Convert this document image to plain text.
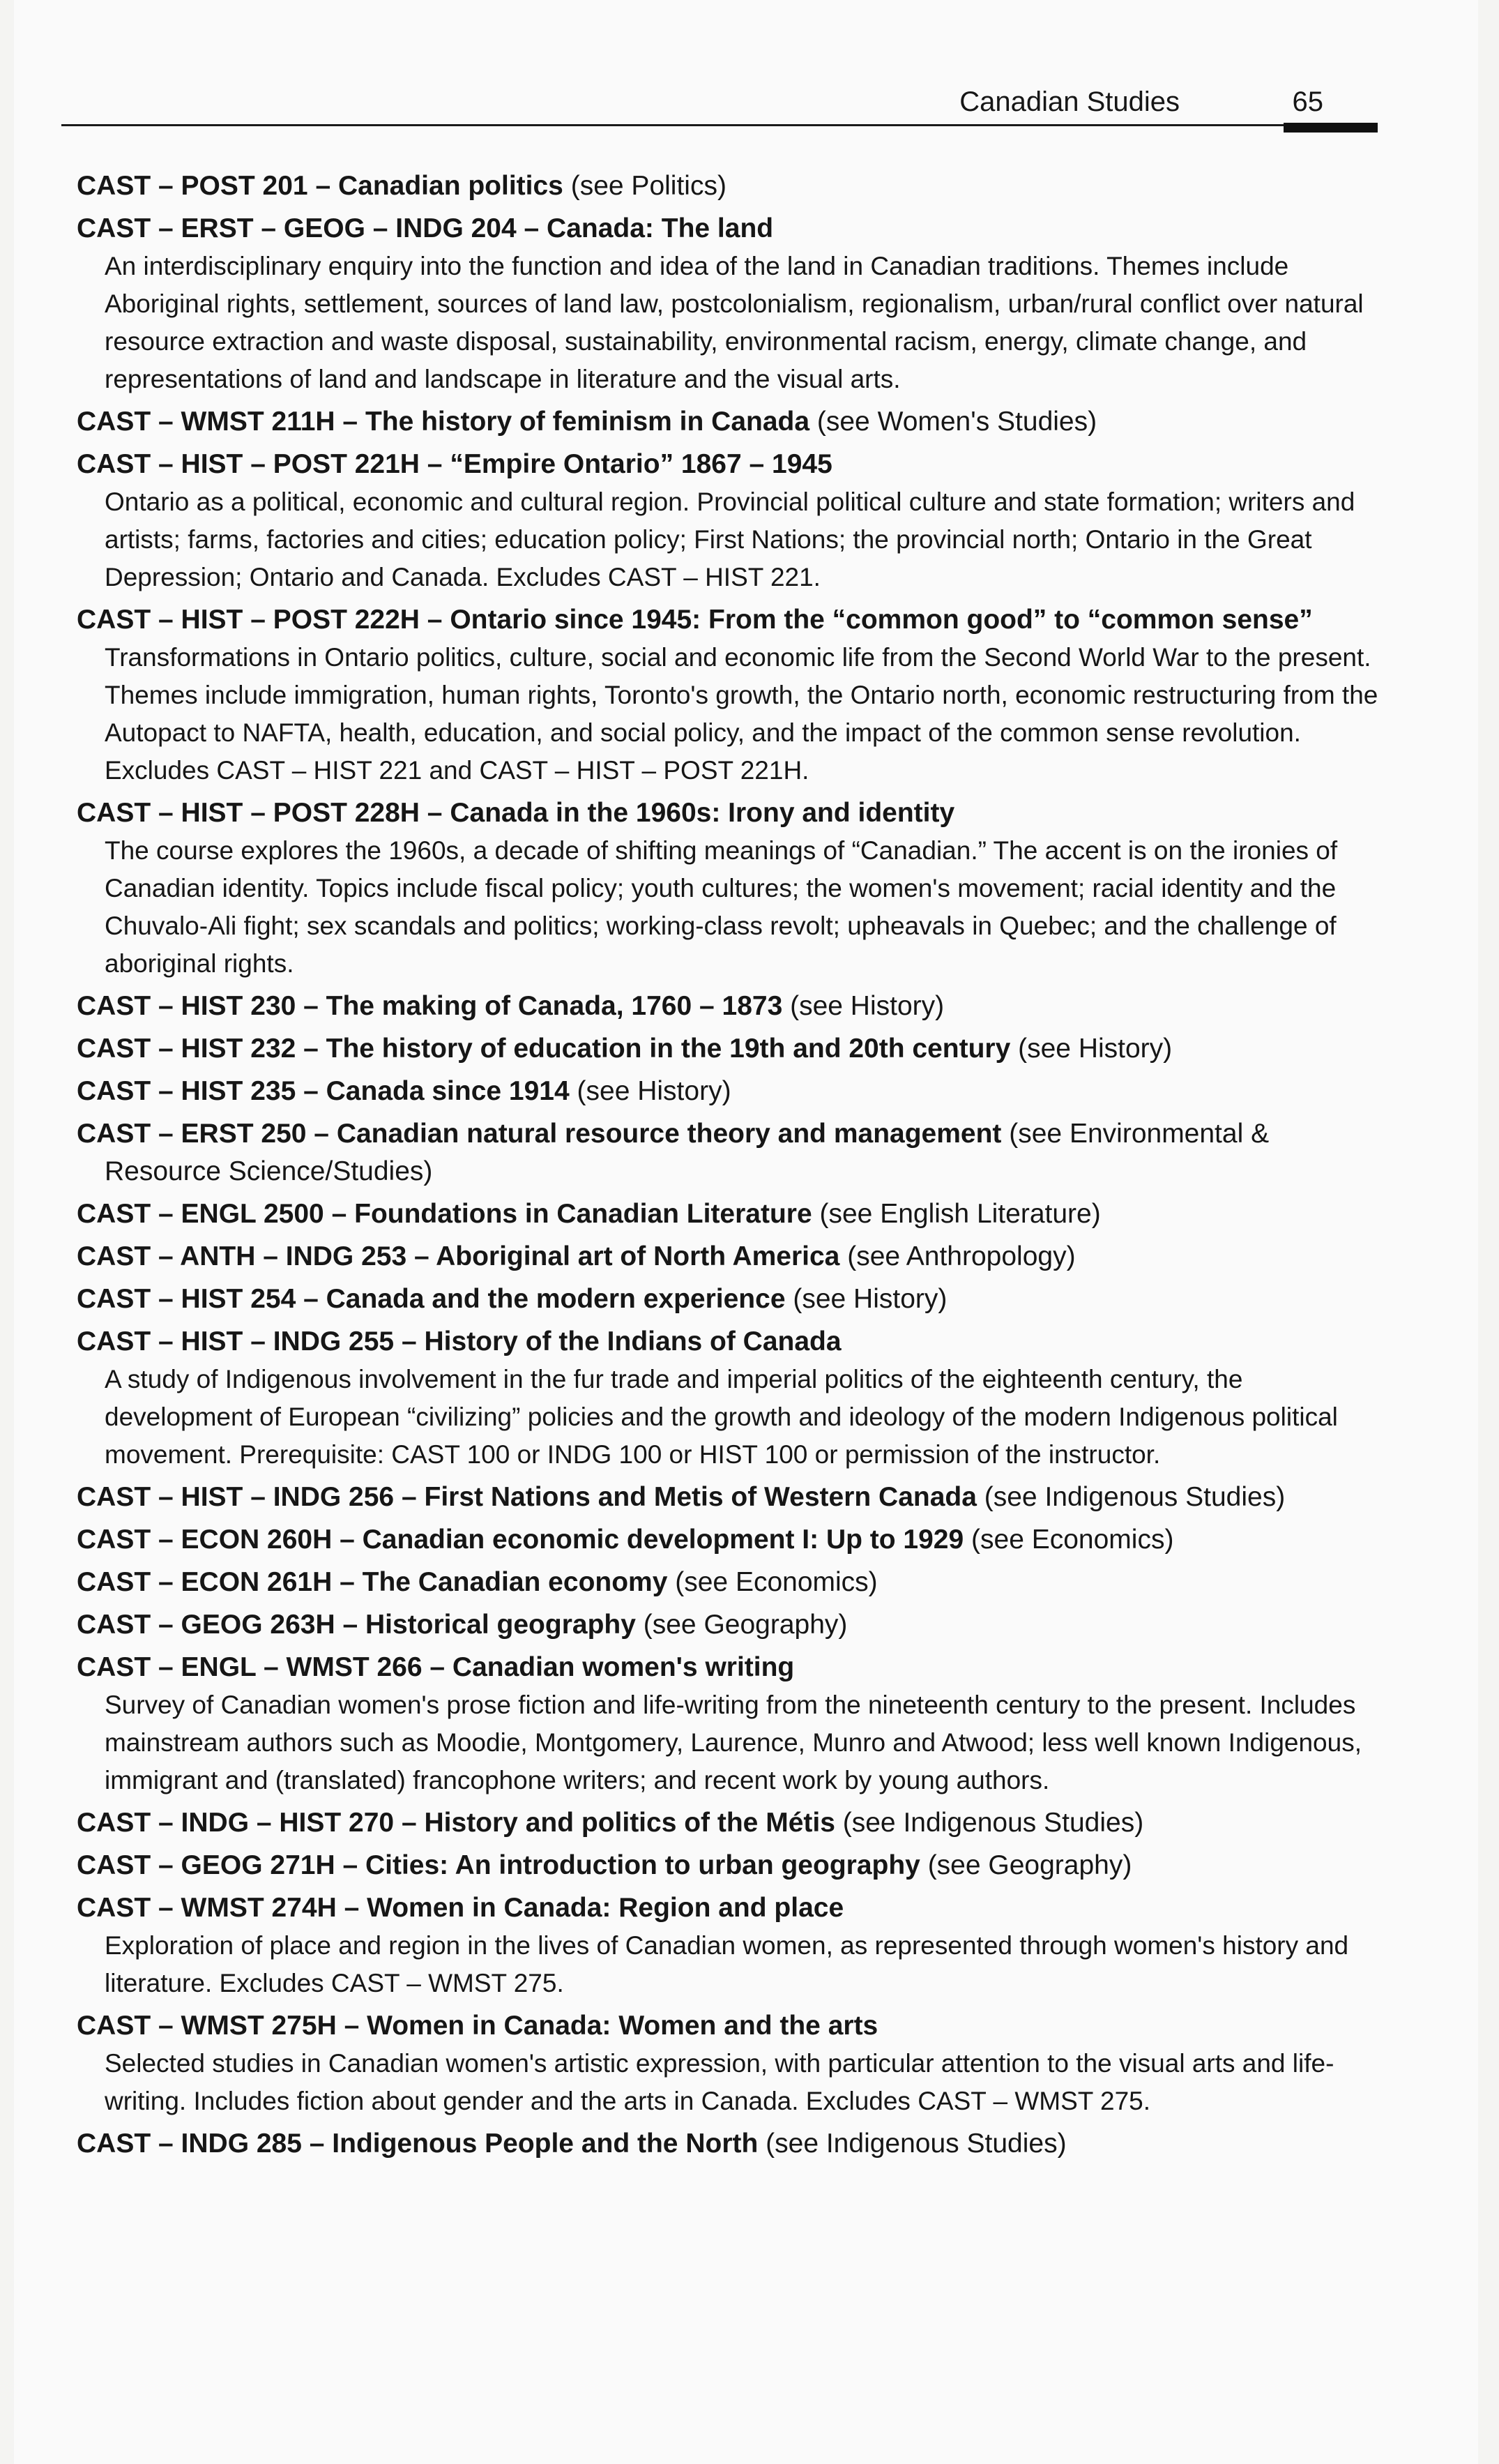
Canadian Studies	65
CAST – POST 201 – Canadian politics (see Politics)
CAST – ERST – GEOG – INDG 204 – Canada: The land
An interdisciplinary enquiry into the function and idea of the land in Canadian traditions. Themes include Aboriginal rights, settlement, sources of land law, postcolonialism, regionalism, urban/rural conflict over natural resource extraction and waste disposal, sustainability, environmental racism, energy, climate change, and representations of land and landscape in literature and the visual arts.
CAST – WMST 211H – The history of feminism in Canada (see Women's Studies)
CAST – HIST – POST 221H – “Empire Ontario” 1867 – 1945
Ontario as a political, economic and cultural region. Provincial political culture and state formation; writers and artists; farms, factories and cities; education policy; First Nations; the provincial north; Ontario in the Great Depression; Ontario and Canada. Excludes CAST – HIST 221.
CAST – HIST – POST 222H – Ontario since 1945: From the “common good” to “common sense”
Transformations in Ontario politics, culture, social and economic life from the Second World War to the present. Themes include immigration, human rights, Toronto's growth, the Ontario north, economic restructuring from the Autopact to NAFTA, health, education, and social policy, and the impact of the common sense revolution. Excludes CAST – HIST 221 and CAST – HIST – POST 221H.
CAST – HIST – POST 228H – Canada in the 1960s: Irony and identity
The course explores the 1960s, a decade of shifting meanings of “Canadian.” The accent is on the ironies of Canadian identity. Topics include fiscal policy; youth cultures; the women's movement; racial identity and the Chuvalo-Ali fight; sex scandals and politics; working-class revolt; upheavals in Quebec; and the challenge of aboriginal rights.
CAST – HIST 230 – The making of Canada, 1760 – 1873 (see History)
CAST – HIST 232 – The history of education in the 19th and 20th century (see History)
CAST – HIST 235 – Canada since 1914 (see History)
CAST – ERST 250 – Canadian natural resource theory and management (see Environmental & Resource Science/Studies)
CAST – ENGL 2500 – Foundations in Canadian Literature (see English Literature)
CAST – ANTH – INDG 253 – Aboriginal art of North America (see Anthropology)
CAST – HIST 254 – Canada and the modern experience (see History)
CAST – HIST – INDG 255 – History of the Indians of Canada
A study of Indigenous involvement in the fur trade and imperial politics of the eighteenth century, the development of European “civilizing” policies and the growth and ideology of the modern Indigenous political movement. Prerequisite: CAST 100 or INDG 100 or HIST 100 or permission of the instructor.
CAST – HIST – INDG 256 – First Nations and Metis of Western Canada (see Indigenous Studies)
CAST – ECON 260H – Canadian economic development I: Up to 1929 (see Economics)
CAST – ECON 261H – The Canadian economy (see Economics)
CAST – GEOG 263H – Historical geography (see Geography)
CAST – ENGL – WMST 266 – Canadian women's writing
Survey of Canadian women's prose fiction and life-writing from the nineteenth century to the present. Includes mainstream authors such as Moodie, Montgomery, Laurence, Munro and Atwood; less well known Indigenous, immigrant and (translated) francophone writers; and recent work by young authors.
CAST – INDG – HIST 270 – History and politics of the Métis (see Indigenous Studies)
CAST – GEOG 271H – Cities: An introduction to urban geography (see Geography)
CAST – WMST 274H – Women in Canada: Region and place
Exploration of place and region in the lives of Canadian women, as represented through women's history and literature. Excludes CAST – WMST 275.
CAST – WMST 275H – Women in Canada: Women and the arts
Selected studies in Canadian women's artistic expression, with particular attention to the visual arts and life-writing. Includes fiction about gender and the arts in Canada. Excludes CAST – WMST 275.
CAST – INDG 285 – Indigenous People and the North (see Indigenous Studies)
